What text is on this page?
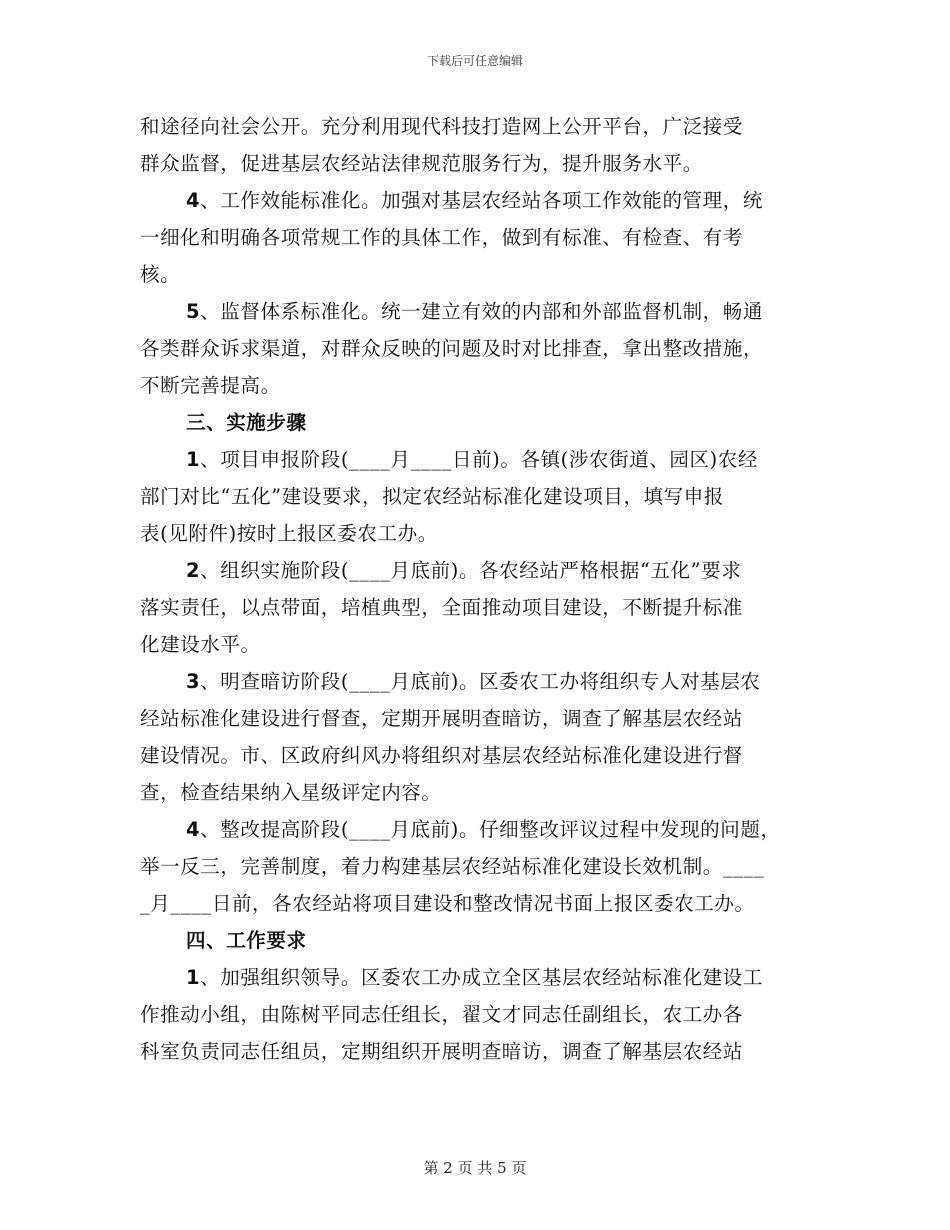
下载后可任意编辑
和途径向社会公开。充分利用现代科技打造网上公开平台，广泛接受
群众监督，促进基层农经站法律规范服务行为，提升服务水平。
4、工作效能标准化。加强对基层农经站各项工作效能的管理，统
一细化和明确各项常规工作的具体工作，做到有标准、有检查、有考
核。
5、监督体系标准化。统一建立有效的内部和外部监督机制，畅通
各类群众诉求渠道，对群众反映的问题及时对比排查，拿出整改措施，
不断完善提高。
三、实施步骤
1、项目申报阶段(____月____日前)。各镇(涉农街道、园区)农经
部门对比“五化”建设要求，拟定农经站标准化建设项目，填写申报
表(见附件)按时上报区委农工办。
2、组织实施阶段(____月底前)。各农经站严格根据“五化”要求
落实责任，以点带面，培植典型，全面推动项目建设，不断提升标准
化建设水平。
3、明查暗访阶段(____月底前)。区委农工办将组织专人对基层农
经站标准化建设进行督查，定期开展明查暗访，调查了解基层农经站
建设情况。市、区政府纠风办将组织对基层农经站标准化建设进行督
查，检查结果纳入星级评定内容。
4、整改提高阶段(____月底前)。仔细整改评议过程中发现的问题，
举一反三，完善制度，着力构建基层农经站标准化建设长效机制。____
_月____日前，各农经站将项目建设和整改情况书面上报区委农工办。
四、工作要求
1、加强组织领导。区委农工办成立全区基层农经站标准化建设工
作推动小组，由陈树平同志任组长，翟文才同志任副组长，农工办各
科室负责同志任组员，定期组织开展明查暗访，调查了解基层农经站
第 2 页 共 5 页
